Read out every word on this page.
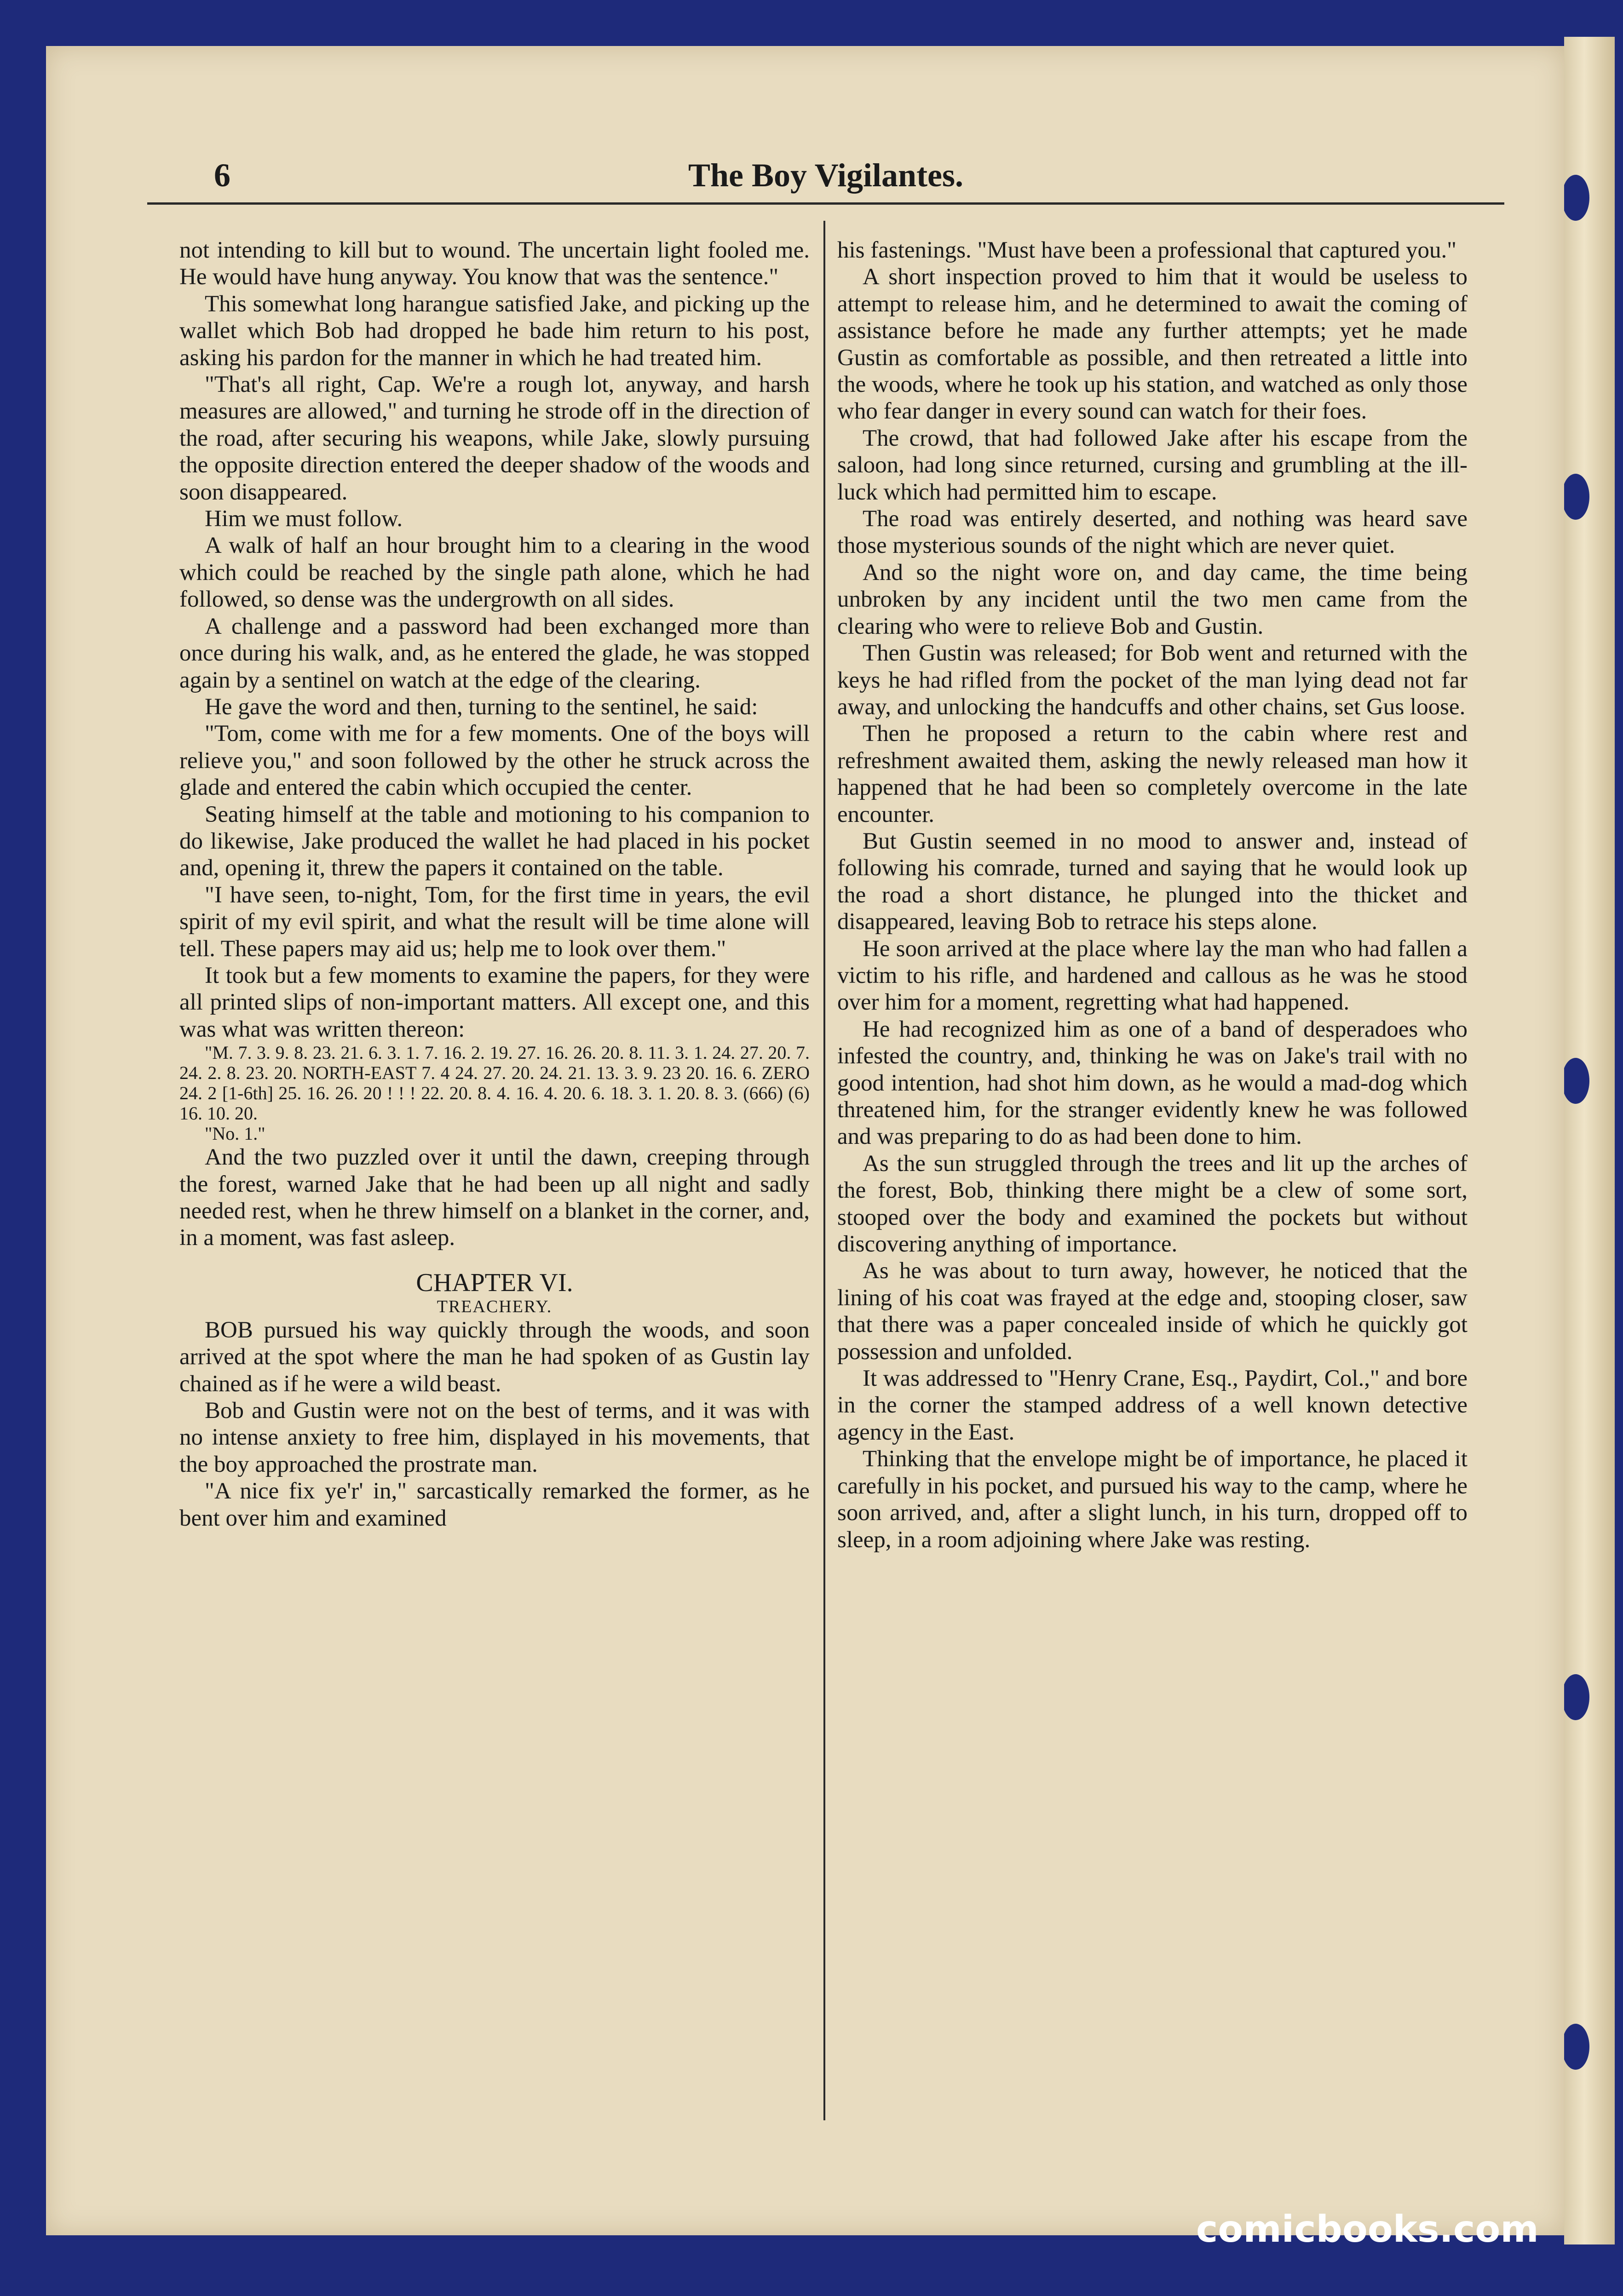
6	The Boy Vigilantes.

not intending to kill but to wound. The uncertain light fooled me. He would have hung anyway. You know that was the sentence."

This somewhat long harangue satisfied Jake, and picking up the wallet which Bob had dropped he bade him return to his post, asking his pardon for the manner in which he had treated him.

"That's all right, Cap. We're a rough lot, anyway, and harsh measures are allowed," and turning he strode off in the direction of the road, after securing his weapons, while Jake, slowly pursuing the opposite direction entered the deeper shadow of the woods and soon disappeared.

Him we must follow.

A walk of half an hour brought him to a clearing in the wood which could be reached by the single path alone, which he had followed, so dense was the undergrowth on all sides.

A challenge and a password had been exchanged more than once during his walk, and, as he entered the glade, he was stopped again by a sentinel on watch at the edge of the clearing.

He gave the word and then, turning to the sentinel, he said:

"Tom, come with me for a few moments. One of the boys will relieve you," and soon followed by the other he struck across the glade and entered the cabin which occupied the center.

Seating himself at the table and motioning to his companion to do likewise, Jake produced the wallet he had placed in his pocket and, opening it, threw the papers it contained on the table.

"I have seen, to-night, Tom, for the first time in years, the evil spirit of my evil spirit, and what the result will be time alone will tell. These papers may aid us; help me to look over them."

It took but a few moments to examine the papers, for they were all printed slips of non-important matters. All except one, and this was what was written thereon:

"M. 7. 3. 9. 8. 23. 21. 6. 3. 1. 7. 16. 2. 19. 27. 16. 26. 20. 8. 11. 3. 1. 24. 27. 20. 7. 24. 2. 8. 23. 20. NORTH-EAST 7. 4 24. 27. 20. 24. 21. 13. 3. 9. 23 20. 16. 6. ZERO 24. 2 [1-6th] 25. 16. 26. 20 ! ! ! 22. 20. 8. 4. 16. 4. 20. 6. 18. 3. 1. 20. 8. 3. (666) (6) 16. 10. 20.

"No. 1."

And the two puzzled over it until the dawn, creeping through the forest, warned Jake that he had been up all night and sadly needed rest, when he threw himself on a blanket in the corner, and, in a moment, was fast asleep.

CHAPTER VI.
TREACHERY.

BOB pursued his way quickly through the woods, and soon arrived at the spot where the man he had spoken of as Gustin lay chained as if he were a wild beast.

Bob and Gustin were not on the best of terms, and it was with no intense anxiety to free him, displayed in his movements, that the boy approached the prostrate man.

"A nice fix ye'r' in," sarcastically remarked the former, as he bent over him and examined

his fastenings. "Must have been a professional that captured you."

A short inspection proved to him that it would be useless to attempt to release him, and he determined to await the coming of assistance before he made any further attempts; yet he made Gustin as comfortable as possible, and then retreated a little into the woods, where he took up his station, and watched as only those who fear danger in every sound can watch for their foes.

The crowd, that had followed Jake after his escape from the saloon, had long since returned, cursing and grumbling at the ill-luck which had permitted him to escape.

The road was entirely deserted, and nothing was heard save those mysterious sounds of the night which are never quiet.

And so the night wore on, and day came, the time being unbroken by any incident until the two men came from the clearing who were to relieve Bob and Gustin.

Then Gustin was released; for Bob went and returned with the keys he had rifled from the pocket of the man lying dead not far away, and unlocking the handcuffs and other chains, set Gus loose.

Then he proposed a return to the cabin where rest and refreshment awaited them, asking the newly released man how it happened that he had been so completely overcome in the late encounter.

But Gustin seemed in no mood to answer and, instead of following his comrade, turned and saying that he would look up the road a short distance, he plunged into the thicket and disappeared, leaving Bob to retrace his steps alone.

He soon arrived at the place where lay the man who had fallen a victim to his rifle, and hardened and callous as he was he stood over him for a moment, regretting what had happened.

He had recognized him as one of a band of desperadoes who infested the country, and, thinking he was on Jake's trail with no good intention, had shot him down, as he would a mad-dog which threatened him, for the stranger evidently knew he was followed and was preparing to do as had been done to him.

As the sun struggled through the trees and lit up the arches of the forest, Bob, thinking there might be a clew of some sort, stooped over the body and examined the pockets but without discovering anything of importance.

As he was about to turn away, however, he noticed that the lining of his coat was frayed at the edge and, stooping closer, saw that there was a paper concealed inside of which he quickly got possession and unfolded.

It was addressed to "Henry Crane, Esq., Paydirt, Col.," and bore in the corner the stamped address of a well known detective agency in the East.

Thinking that the envelope might be of importance, he placed it carefully in his pocket, and pursued his way to the camp, where he soon arrived, and, after a slight lunch, in his turn, dropped off to sleep, in a room adjoining where Jake was resting.

comicbooks.com
